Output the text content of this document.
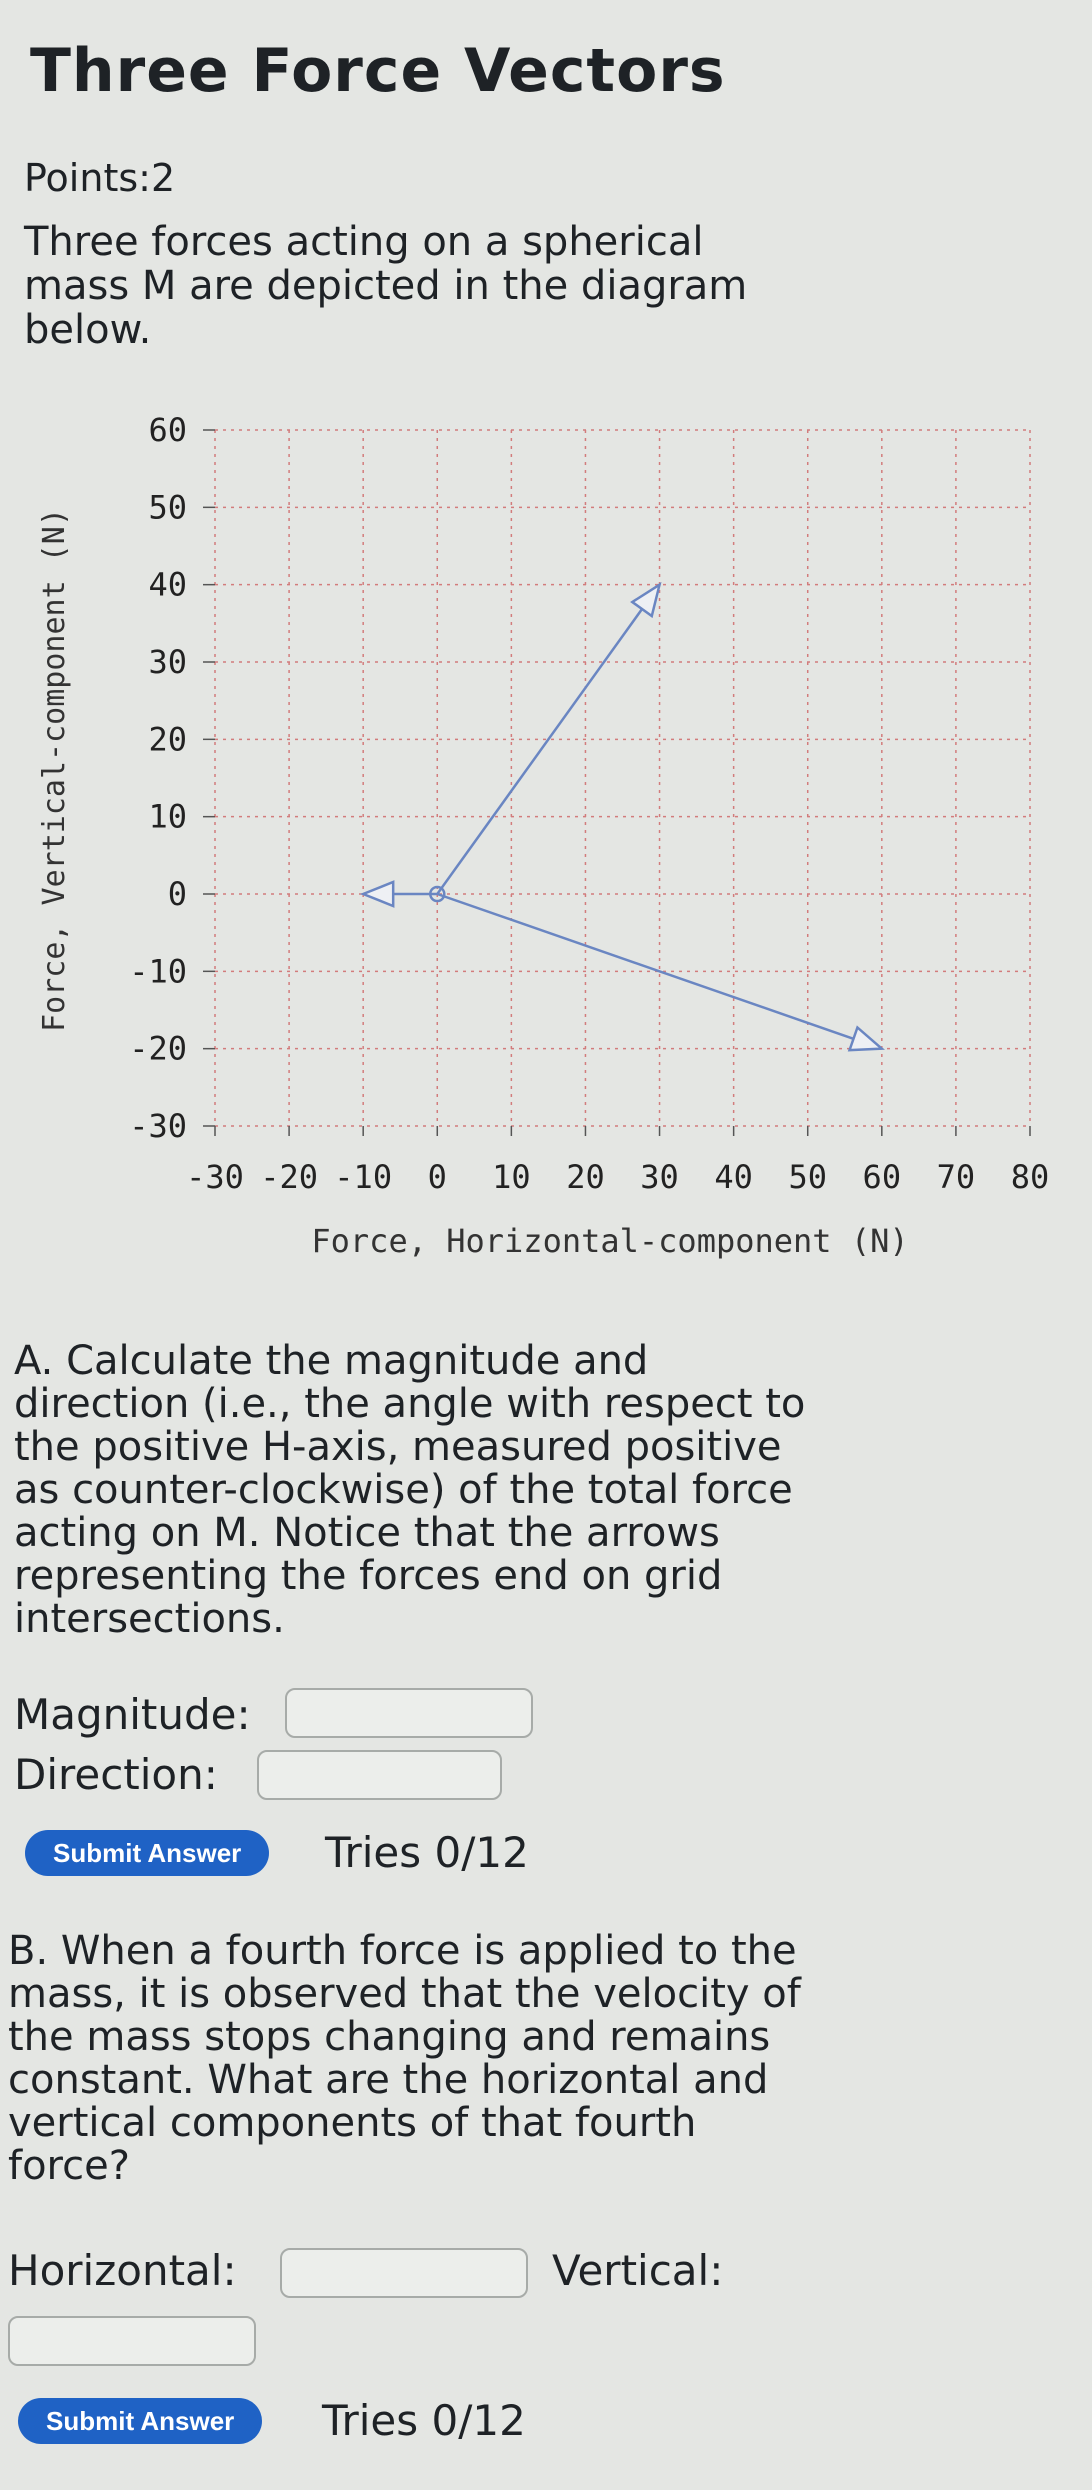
Three Force Vectors
Points:2
Three forces acting on a spherical mass M are depicted in the diagram below.
-30 -20 -10 0 10 20 30 40 50 60 70 80
60
50
40
30
20
10
0
-10
-20
-30
Force, Vertical-component (N)
Force, Horizontal-component (N)
A. Calculate the magnitude and direction (i.e., the angle with respect to the positive H-axis, measured positive as counter-clockwise) of the total force acting on M. Notice that the arrows representing the forces end on grid intersections.
Magnitude:
Direction:
Submit Answer	Tries 0/12
B. When a fourth force is applied to the mass, it is observed that the velocity of the mass stops changing and remains constant. What are the horizontal and vertical components of that fourth force?
Horizontal:	Vertical:
Submit Answer	Tries 0/12
